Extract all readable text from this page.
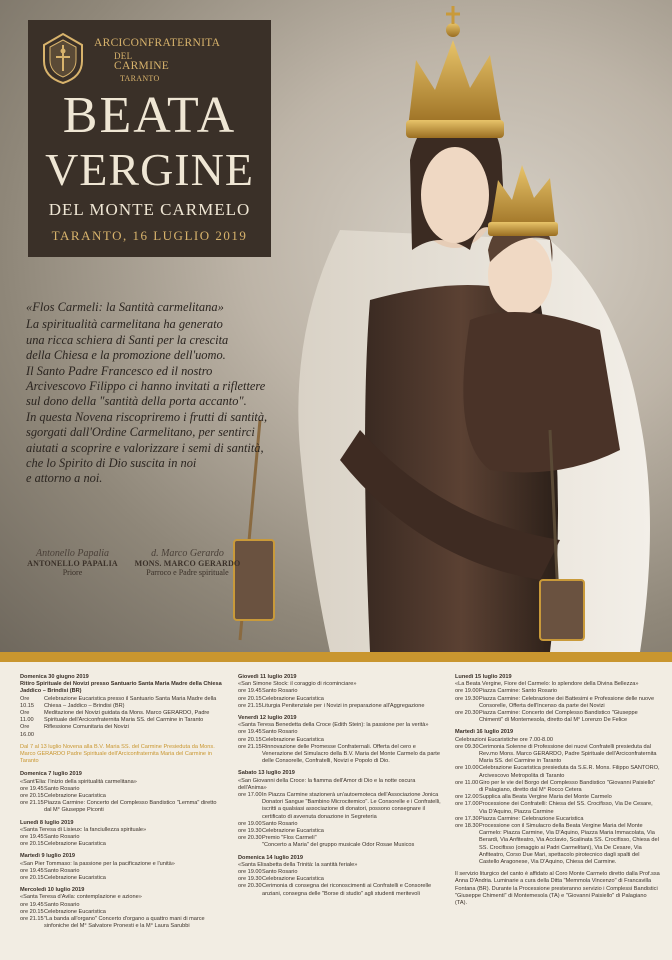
ARCICONFRATERNITA
DEL
CARMINE
TARANTO
BEATA
VERGINE
DEL MONTE CARMELO
TARANTO, 16 LUGLIO 2019
«Flos Carmeli: la Santità carmelitana»
La spiritualità carmelitana ha generato
una ricca schiera di Santi per la crescita
della Chiesa e la promozione dell'uomo.
Il Santo Padre Francesco ed il nostro
Arcivescovo Filippo ci hanno invitati a riflettere
sul dono della "santità della porta accanto".
In questa Novena riscopriremo i frutti di santità,
sgorgati dall'Ordine Carmelitano, per sentirci
aiutati a scoprire e valorizzare i semi di santità,
che lo Spirito di Dio suscita in noi
e attorno a noi.
Antonello Papalia
ANTONELLO PAPALIA
Priore
d. Marco Gerardo
MONS. MARCO GERARDO
Parroco e Padre spirituale
Domenica 30 giugno 2019
Ritiro Spirituale dei Novizi presso Santuario Santa Maria Madre della Chiesa Jaddico – Brindisi (BR)
Ore 10.15
Celebrazione Eucaristica presso il Santuario Santa Maria Madre della Chiesa – Jaddico – Brindisi (BR)
Ore 11.00
Meditazione dei Novizi guidata da Mons. Marco GERARDO, Padre Spirituale dell'Arciconfraternita Maria SS. del Carmine in Taranto
Ore 16.00
Riflessione Comunitaria dei Novizi
Dal 7 al 13 luglio Novena alla B.V. Maria SS. del Carmine Presieduta da Mons. Marco GERARDO Padre Spirituale dell'Arciconfraternita Maria del Carmine in Taranto
Domenica 7 luglio 2019
«Sant'Elia: l'inizio della spiritualità carmelitana»
ore 19.45 Santo Rosario
ore 20.15 Celebrazione Eucaristica
ore 21.15 Piazza Carmine: Concerto del Complesso Bandistico "Lemma" diretto dal M° Giuseppe Piconti
Lunedì 8 luglio 2019
«Santa Teresa di Lisieux: la fanciullezza spirituale»
ore 19.45 Santo Rosario
ore 20.15 Celebrazione Eucaristica
Martedì 9 luglio 2019
«San Pier Tommaso: la passione per la pacificazione e l'unità»
ore 19.45 Santo Rosario
ore 20.15 Celebrazione Eucaristica
Mercoledì 10 luglio 2019
«Santa Teresa d'Avila: contemplazione e azione»
ore 19.45 Santo Rosario
ore 20.15 Celebrazione Eucaristica
ore 21.15 "La banda all'organo" Concerto d'organo a quattro mani di marce sinfoniche del M° Salvatore Pronesti e la M° Laura Sarubbi
Giovedì 11 luglio 2019
«San Simone Stock: il coraggio di ricominciare»
ore 19.45 Santo Rosario
ore 20.15 Celebrazione Eucaristica
ore 21.15 Liturgia Penitenziale per i Novizi in preparazione all'Aggregazione
Venerdì 12 luglio 2019
«Santa Teresa Benedetta della Croce (Edith Stein): la passione per la verità»
ore 19.45 Santo Rosario
ore 20.15 Celebrazione Eucaristica
ore 21.15 Rinnovazione delle Promesse Confraternali. Offerta del cero e Venerazione del Simulacro della B.V. Maria del Monte Carmelo da parte delle Consorelle, Confratelli, Novizi e Popolo di Dio.
Sabato 13 luglio 2019
«San Giovanni della Croce: la fiamma dell'Amor di Dio e la notte oscura dell'Anima»
ore 17.00 In Piazza Carmine stazionerà un'autoemoteca dell'Associazione Jonica Donatori Sangue "Bambino Microcitemico". Le Consorelle e i Confratelli, iscritti a qualsiasi associazione di donatori, possono consegnare il certificato di avvenuta donazione in Segreteria
ore 19.00 Santo Rosario
ore 19.30 Celebrazione Eucaristica
ore 20.30 Premio "Flos Carmeli"
"Concerto a Maria" del gruppo musicale Odor Rosae Musicos
Domenica 14 luglio 2019
«Santa Elisabetta della Trinità: la santità feriale»
ore 19.00 Santo Rosario
ore 19.30 Celebrazione Eucaristica
ore 20.30 Cerimonia di consegna dei riconoscimenti ai Confratelli e Consorelle anziani, consegna delle "Borse di studio" agli studenti meritevoli
Lunedì 15 luglio 2019
«La Beata Vergine, Fiore del Carmelo: lo splendore della Divina Bellezza»
ore 19.00 Piazza Carmine: Santo Rosario
ore 19.30 Piazza Carmine: Celebrazione dei Battesimi e Professione delle nuove Consorelle, Offerta dell'Incenso da parte dei Novizi
ore 20.30 Piazza Carmine: Concerto del Complesso Bandistico "Giuseppe Chimenti" di Montemesola, diretto dal M° Lorenzo De Felice
Martedì 16 luglio 2019
Celebrazioni Eucaristiche ore 7.00-8.00
ore 09.30 Cerimonia Solenne di Professione dei nuovi Confratelli presieduta dal Rev.mo Mons. Marco GERARDO, Padre Spirituale dell'Arciconfraternita Maria SS. del Carmine in Taranto
ore 10.00 Celebrazione Eucaristica presieduta da S.E.R. Mons. Filippo SANTORO, Arcivescovo Metropolita di Taranto
ore 11.00 Giro per le vie del Borgo del Complesso Bandistico "Giovanni Paisiello" di Palagiano, diretto dal M° Rocco Cetera
ore 12.00 Supplica alla Beata Vergine Maria del Monte Carmelo
ore 17.00 Processione dei Confratelli: Chiesa del SS. Crocifisso, Via De Cesare, Via D'Aquino, Piazza Carmine
ore 17.30 Piazza Carmine: Celebrazione Eucaristica
ore 18.30 Processione con il Simulacro della Beata Vergine Maria del Monte Carmelo: Piazza Carmine, Via D'Aquino, Piazza Maria Immacolata, Via Berardi, Via Anfiteatro, Via Acclavio, Scalinata SS. Crocifisso, Chiesa del SS. Crocifisso (omaggio ai Padri Carmelitani), Via De Cesare, Via Anfiteatro, Corso Due Mari, spettacolo pirotecnico dagli spalti del Castello Aragonese, Via D'Aquino, Chiesa del Carmine.
Il servizio liturgico del canto è affidato al Coro Monte Carmelo diretto dalla Prof.ssa Anna D'Andria. Luminarie a cura della Ditta "Memmola Vincenzo" di Francavilla Fontana (BR). Durante la Processione presteranno servizio i Complessi Bandistici "Giuseppe Chimenti" di Montemesola (TA) e "Giovanni Paisiello" di Palagiano (TA).
